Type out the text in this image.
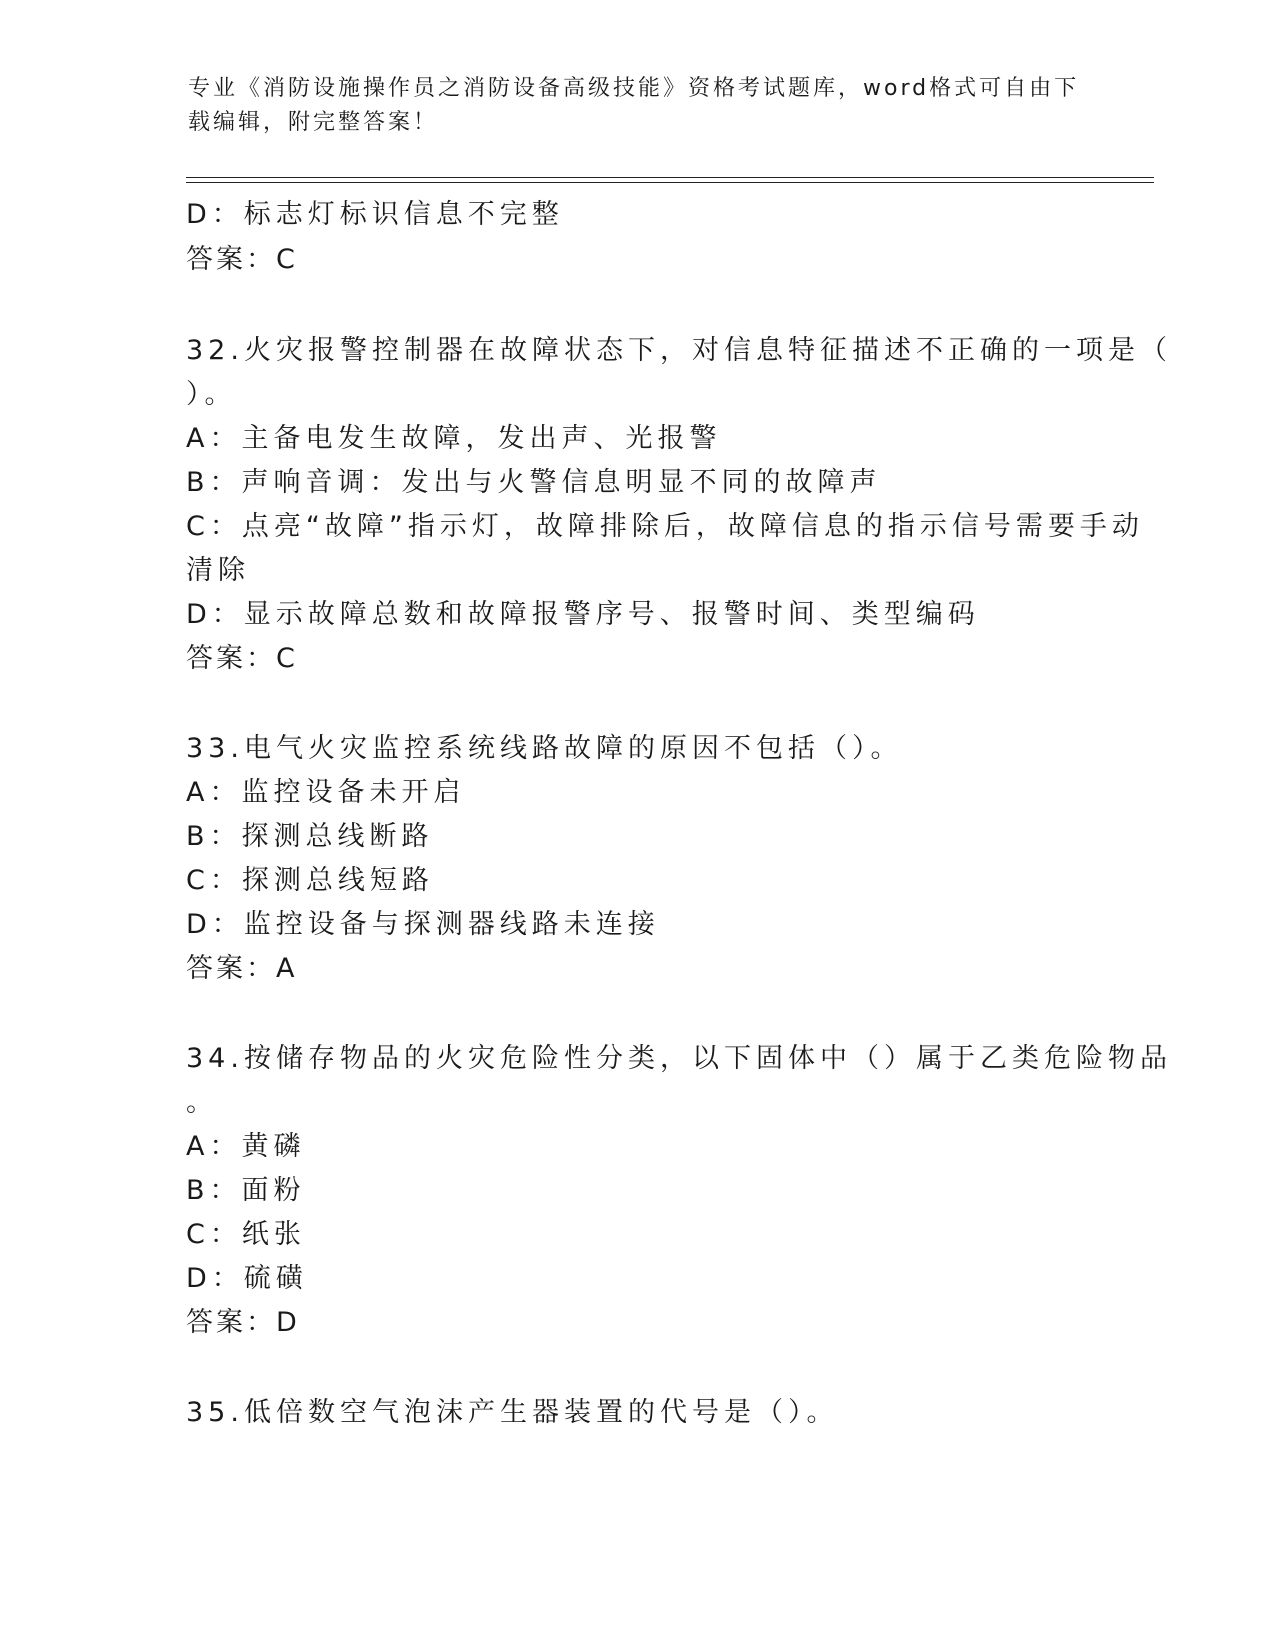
专业《消防设施操作员之消防设备高级技能》资格考试题库，word格式可自由下
载编辑，附完整答案！
D：标志灯标识信息不完整
答案：C
32.火灾报警控制器在故障状态下，对信息特征描述不正确的一项是（
）。
A：主备电发生故障，发出声、光报警
B：声响音调：发出与火警信息明显不同的故障声
C：点亮“故障”指示灯，故障排除后，故障信息的指示信号需要手动
清除
D：显示故障总数和故障报警序号、报警时间、类型编码
答案：C
33.电气火灾监控系统线路故障的原因不包括（）。
A：监控设备未开启
B：探测总线断路
C：探测总线短路
D：监控设备与探测器线路未连接
答案：A
34.按储存物品的火灾危险性分类，以下固体中（）属于乙类危险物品
。
A：黄磷
B：面粉
C：纸张
D：硫磺
答案：D
35.低倍数空气泡沫产生器装置的代号是（）。
